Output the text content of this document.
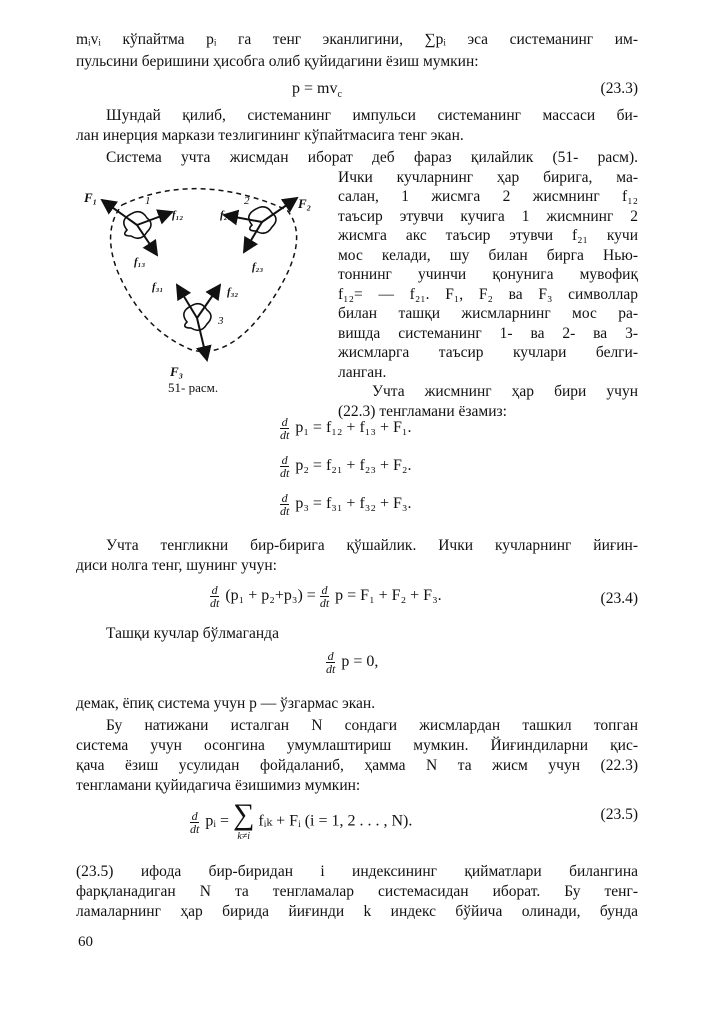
mᵢvᵢ кўпайтма pᵢ га тенг эканлигини, ∑pᵢ эса системанинг им-
пульсини беришини ҳисобга олиб қуйидагини ёзиш мумкин:
$p = mv_c$	(23.3)
Шундай қилиб, системанинг импульси системанинг массаси би-
лан инерция маркази тезлигининг кўпайтмасига тенг экан.
Система учта жисмдан иборат деб фараз қилайлик (51- расм).
F₁	F₂
F₃
f₁₂	f₂₁
f₁₃	f₂₃
f₃₁	f₃₂
1	2
3
51- расм.
Ички кучларнинг ҳар бирига, ма-
салан, 1 жисмга 2 жисмнинг f₁₂
таъсир этувчи кучига 1 жисмнинг 2
жисмга акс таъсир этувчи f₂₁ кучи
мос келади, шу билан бирга Нью-
тоннинг учинчи қонунига мувофиқ
f₁₂= — f₂₁. F₁, F₂ ва F₃ символлар
билан ташқи жисмларнинг мос ра-
вишда системанинг 1- ва 2- ва 3-
жисмларга таъсир кучлари белги-
ланган.
Учта жисмнинг ҳар бири учун
(22.3) тенгламани ёзамиз:
$\frac{d}{dt} p_1 = f_{12} + f_{13} + F_1$.
$\frac{d}{dt} p_2 = f_{21} + f_{23} + F_2$.
$\frac{d}{dt} p_3 = f_{31} + f_{32} + F_3$.
Учта тенгликни бир-бирига қўшайлик. Ички кучларнинг йиғин-
диси нолга тенг, шунинг учун:
$\frac{d}{dt} (p_1 + p_2+p_3) = \frac{d}{dt}$ p = F₁ + F₂ + F₃.	(23.4)
Ташқи кучлар бўлмаганда
$\frac{d}{dt}$ p = 0,
демак, ёпиқ система учун p — ўзгармас экан.
Бу натижани исталган N сондаги жисмлардан ташкил топган
система учун осонгина умумлаштириш мумкин. Йиғиндиларни қис-
қача ёзиш усулидан фойдаланиб, ҳамма N та жисм учун (22.3)
тенгламани қуйидагича ёзишимиз мумкин:
$\frac{d}{dt}$ pᵢ = ∑
k≠i
fᵢₖ + Fᵢ (i = 1, 2 . . . , N).	(23.5)
(23.5) ифода бир-биридан i индексининг қийматлари билангина
фарқланадиган N та тенгламалар системасидан иборат. Бу тенг-
ламаларнинг ҳар бирида йиғинди k индекс бўйича олинади, бунда
60
